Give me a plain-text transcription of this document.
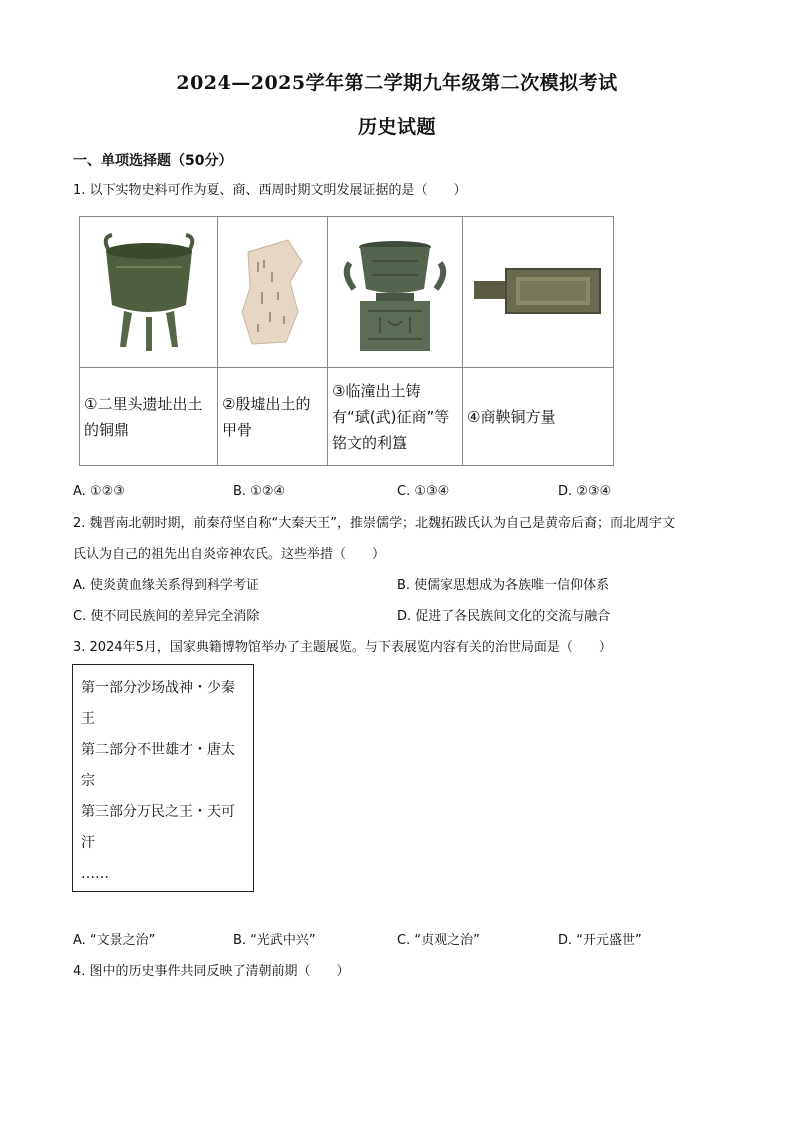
2024—2025学年第二学期九年级第二次模拟考试
历史试题
一、单项选择题（50分）
1. 以下实物史料可作为夏、商、西周时期文明发展证据的是（　　）

①二里头遗址出土的铜鼎	②殷墟出土的甲骨	③临潼出土铸有“珷(武)征商”等铭文的利簋	④商鞅铜方量
A. ①②③	B. ①②④	C. ①③④	D. ②③④
2. 魏晋南北朝时期，前秦苻坚自称“大秦天王”，推崇儒学；北魏拓跋氏认为自己是黄帝后裔；而北周宇文
氏认为自己的祖先出自炎帝神农氏。这些举措（　　）
A. 使炎黄血缘关系得到科学考证	B. 使儒家思想成为各族唯一信仰体系
C. 使不同民族间的差异完全消除	D. 促进了各民族间文化的交流与融合
3. 2024年5月，国家典籍博物馆举办了主题展览。与下表展览内容有关的治世局面是（　　）
第一部分沙场战神・少秦
王
第二部分不世雄才・唐太
宗
第三部分万民之王・天可
汗
……
A. “文景之治”	B. “光武中兴”	C. “贞观之治”	D. “开元盛世”
4. 图中的历史事件共同反映了清朝前期（　　）
